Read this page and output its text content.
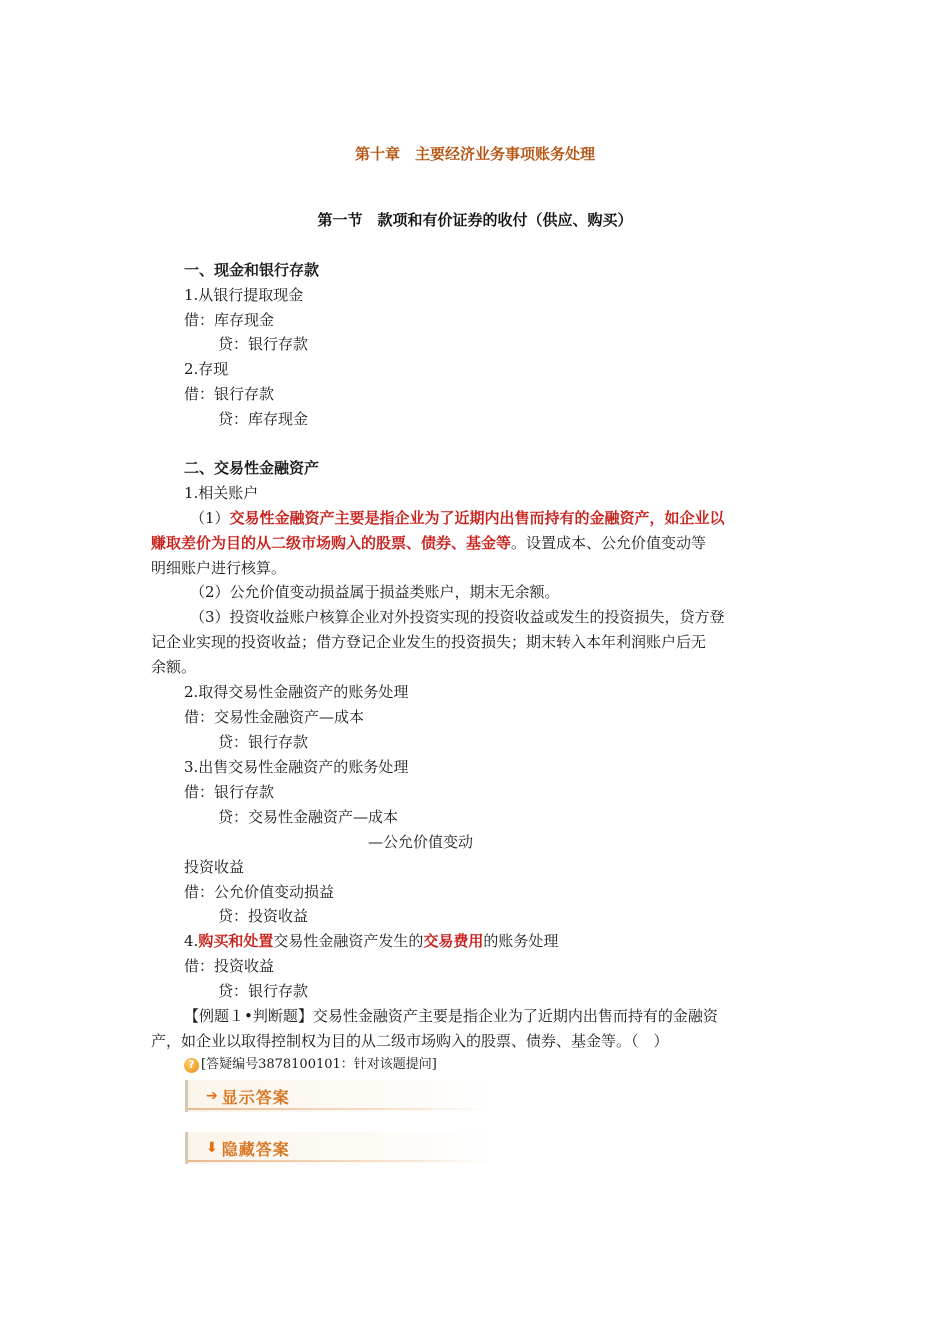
第十章　主要经济业务事项账务处理
第一节　款项和有价证券的收付（供应、购买）
一、现金和银行存款
1.从银行提取现金
借：库存现金
贷：银行存款
2.存现
借：银行存款
贷：库存现金
二、交易性金融资产
1.相关账户
（1）交易性金融资产主要是指企业为了近期内出售而持有的金融资产，如企业以
赚取差价为目的从二级市场购入的股票、债券、基金等。设置成本、公允价值变动等
明细账户进行核算。
（2）公允价值变动损益属于损益类账户，期末无余额。
（3）投资收益账户核算企业对外投资实现的投资收益或发生的投资损失，贷方登
记企业实现的投资收益；借方登记企业发生的投资损失；期末转入本年利润账户后无
余额。
2.取得交易性金融资产的账务处理
借：交易性金融资产—成本
贷：银行存款
3.出售交易性金融资产的账务处理
借：银行存款
贷：交易性金融资产—成本
—公允价值变动
投资收益
借：公允价值变动损益
贷：投资收益
4.购买和处置交易性金融资产发生的交易费用的账务处理
借：投资收益
贷：银行存款
【例题１•判断题】交易性金融资产主要是指企业为了近期内出售而持有的金融资
产，如企业以取得控制权为目的从二级市场购入的股票、债券、基金等。（　）
? [答疑编号3878100101：针对该题提问]
➔ 显示答案
⬇ 隐藏答案
